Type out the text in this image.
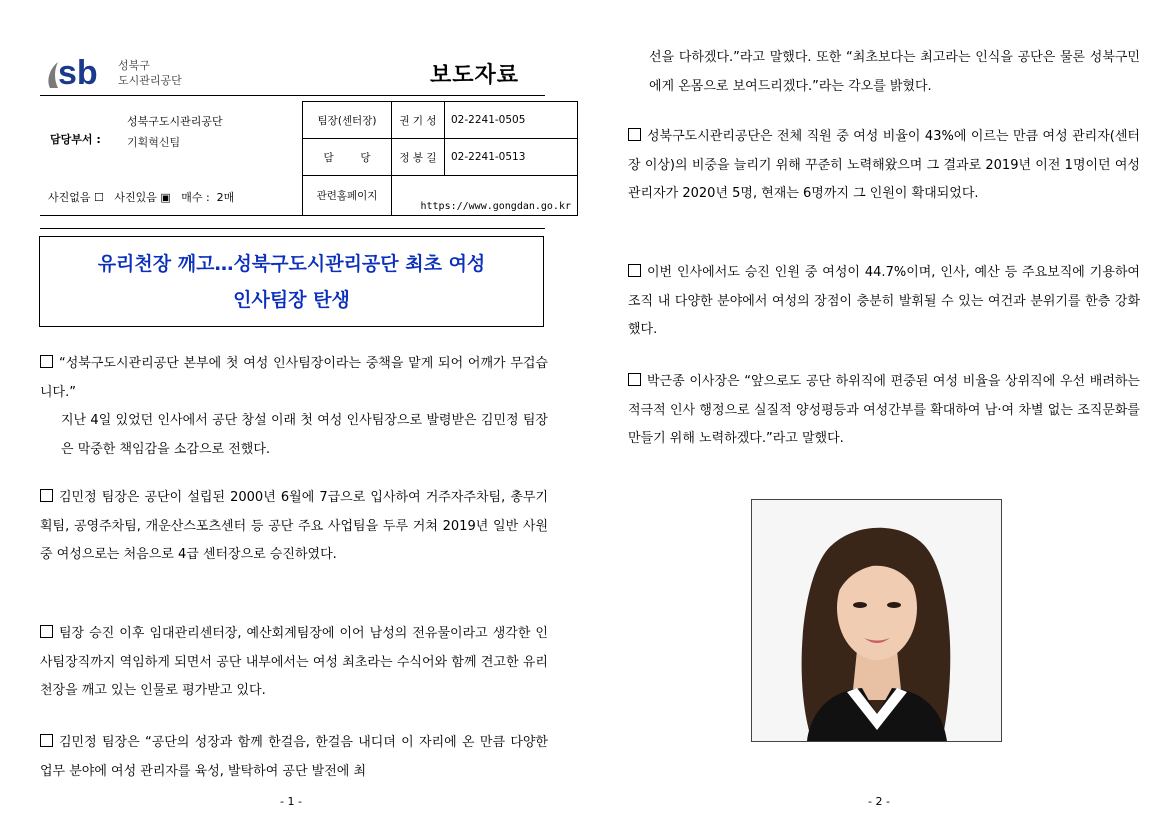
sb 성북구
도시관리공단	보도자료
성북구도시관리공단
담당부서 : 기획혁신팀
사진없음 ☐   사진있음 ▣   매수 :  2매
팀장(센터장)	권 기 성	02-2241-0505
담        당	정 봉 길	02-2241-0513
관련홈페이지	https://www.gongdan.go.kr	
유리천장 깨고…성북구도시관리공단 최초 여성
인사팀장 탄생
“성북구도시관리공단 본부에 첫 여성 인사팀장이라는 중책을 맡게 되어 어깨가 무겁습니다.”
지난 4일 있었던 인사에서 공단 창설 이래 첫 여성 인사팀장으로 발령받은 김민정 팀장은 막중한 책임감을 소감으로 전했다.
김민정 팀장은 공단이 설립된 2000년 6월에 7급으로 입사하여 거주자주차팀, 총무기획팀, 공영주차팀, 개운산스포츠센터 등 공단 주요 사업팀을 두루 거쳐 2019년 일반 사원 중 여성으로는 처음으로 4급 센터장으로 승진하였다.
팀장 승진 이후 임대관리센터장, 예산회계팀장에 이어 남성의 전유물이라고 생각한 인사팀장직까지 역임하게 되면서 공단 내부에서는 여성 최초라는 수식어와 함께 견고한 유리천장을 깨고 있는 인물로 평가받고 있다.
김민정 팀장은 “공단의 성장과 함께 한걸음, 한걸음 내디뎌 이 자리에 온 만큼 다양한 업무 분야에 여성 관리자를 육성, 발탁하여 공단 발전에 최
- 1 -
선을 다하겠다.”라고 말했다. 또한 “최초보다는 최고라는 인식을 공단은 물론 성북구민에게 온몸으로 보여드리겠다.”라는 각오를 밝혔다.
성북구도시관리공단은 전체 직원 중 여성 비율이 43%에 이르는 만큼 여성 관리자(센터장 이상)의 비중을 늘리기 위해 꾸준히 노력해왔으며 그 결과로 2019년 이전 1명이던 여성 관리자가 2020년 5명, 현재는 6명까지 그 인원이 확대되었다.
이번 인사에서도 승진 인원 중 여성이 44.7%이며, 인사, 예산 등 주요보직에 기용하여 조직 내 다양한 분야에서 여성의 장점이 충분히 발휘될 수 있는 여건과 분위기를 한층 강화했다.
박근종 이사장은 “앞으로도 공단 하위직에 편중된 여성 비율을 상위직에 우선 배려하는 적극적 인사 행정으로 실질적 양성평등과 여성간부를 확대하여 남·여 차별 없는 조직문화를 만들기 위해 노력하겠다.”라고 말했다.
- 2 -
